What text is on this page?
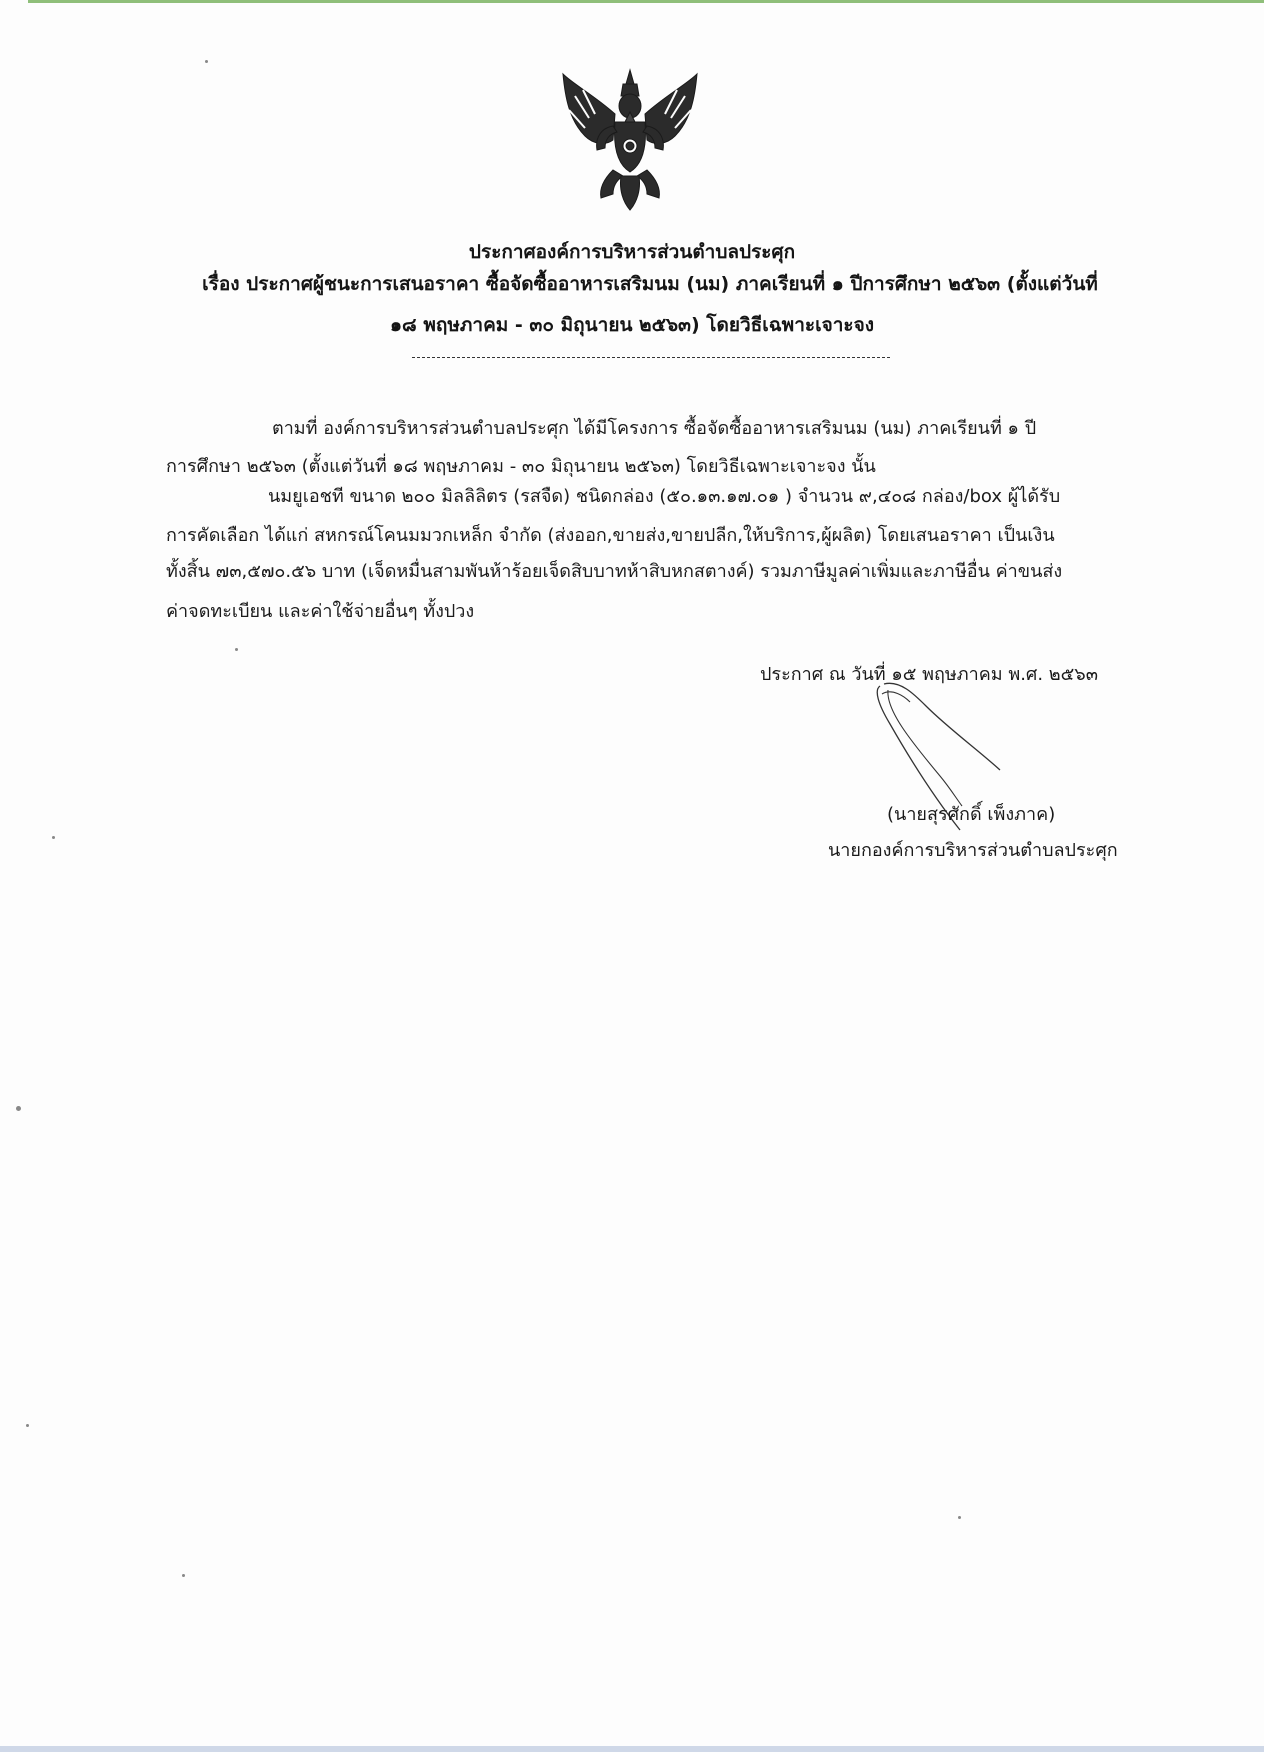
ประกาศองค์การบริหารส่วนตำบลประศุก
เรื่อง ประกาศผู้ชนะการเสนอราคา ซื้อจัดซื้ออาหารเสริมนม (นม) ภาคเรียนที่ ๑ ปีการศึกษา ๒๕๖๓ (ตั้งแต่วันที่
๑๘ พฤษภาคม - ๓๐ มิถุนายน ๒๕๖๓) โดยวิธีเฉพาะเจาะจง
ตามที่ องค์การบริหารส่วนตำบลประศุก ได้มีโครงการ ซื้อจัดซื้ออาหารเสริมนม (นม) ภาคเรียนที่ ๑ ปี
การศึกษา ๒๕๖๓ (ตั้งแต่วันที่ ๑๘ พฤษภาคม - ๓๐ มิถุนายน ๒๕๖๓) โดยวิธีเฉพาะเจาะจง นั้น
นมยูเอชที ขนาด ๒๐๐ มิลลิลิตร (รสจืด) ชนิดกล่อง (๕๐.๑๓.๑๗.๐๑ ) จำนวน ๙,๔๐๘ กล่อง/box ผู้ได้รับ
การคัดเลือก ได้แก่ สหกรณ์โคนมมวกเหล็ก จำกัด (ส่งออก,ขายส่ง,ขายปลีก,ให้บริการ,ผู้ผลิต) โดยเสนอราคา เป็นเงิน
ทั้งสิ้น ๗๓,๕๗๐.๕๖ บาท (เจ็ดหมื่นสามพันห้าร้อยเจ็ดสิบบาทห้าสิบหกสตางค์) รวมภาษีมูลค่าเพิ่มและภาษีอื่น ค่าขนส่ง
ค่าจดทะเบียน และค่าใช้จ่ายอื่นๆ ทั้งปวง
ประกาศ ณ วันที่ ๑๕ พฤษภาคม พ.ศ. ๒๕๖๓
(นายสุรศักดิ์ เพ็งภาค)
นายกองค์การบริหารส่วนตำบลประศุก
